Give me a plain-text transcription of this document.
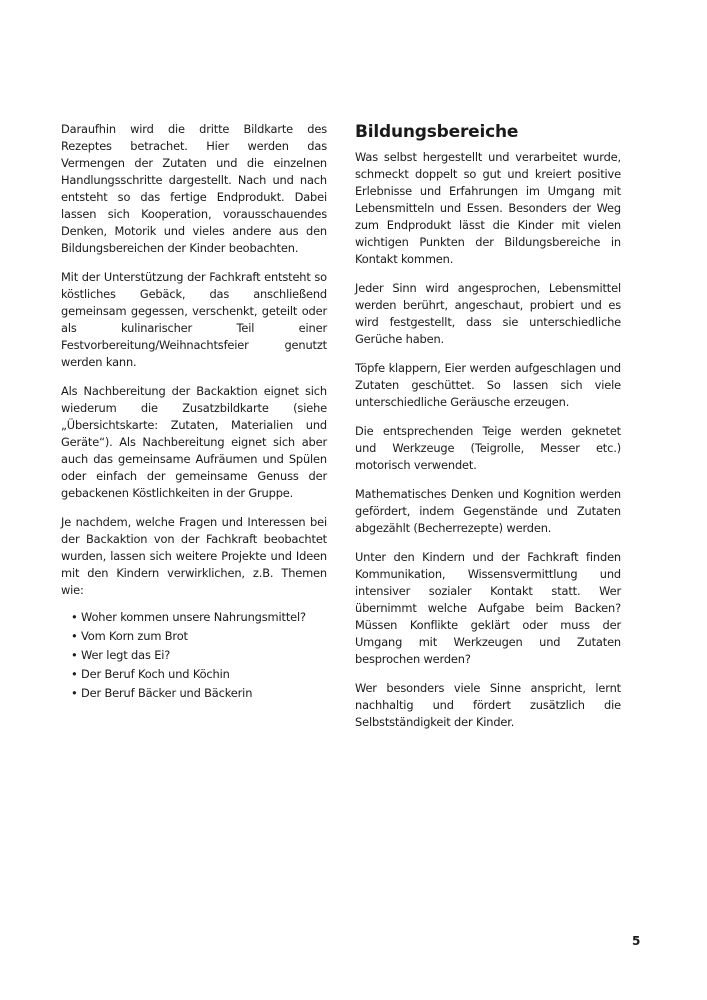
Daraufhin wird die dritte Bildkarte des Rezeptes betrachet. Hier werden das Vermengen der Zutaten und die einzelnen Handlungsschritte dargestellt. Nach und nach entsteht so das fertige Endprodukt. Dabei lassen sich Kooperation, vorausschauendes Denken, Motorik und vieles andere aus den Bildungsbereichen der Kinder beobachten.

Mit der Unterstützung der Fachkraft entsteht so köstliches Gebäck, das anschließend gemeinsam gegessen, verschenkt, geteilt oder als kulinarischer Teil einer Festvorbereitung/Weihnachtsfeier genutzt werden kann.

Als Nachbereitung der Backaktion eignet sich wiederum die Zusatzbildkarte (siehe „Übersichtskarte: Zutaten, Materialien und Geräte“). Als Nachbereitung eignet sich aber auch das gemeinsame Aufräumen und Spülen oder einfach der gemeinsame Genuss der gebackenen Köstlichkeiten in der Gruppe.

Je nachdem, welche Fragen und Interessen bei der Backaktion von der Fachkraft beobachtet wurden, lassen sich weitere Projekte und Ideen mit den Kindern verwirklichen, z.B. Themen wie:

• Woher kommen unsere Nahrungsmittel?
• Vom Korn zum Brot
• Wer legt das Ei?
• Der Beruf Koch und Köchin
• Der Beruf Bäcker und Bäckerin
Bildungsbereiche

Was selbst hergestellt und verarbeitet wurde, schmeckt doppelt so gut und kreiert positive Erlebnisse und Erfahrungen im Umgang mit Lebensmitteln und Essen. Besonders der Weg zum Endprodukt lässt die Kinder mit vielen wichtigen Punkten der Bildungsbereiche in Kontakt kommen.

Jeder Sinn wird angesprochen, Lebensmittel werden berührt, angeschaut, probiert und es wird festgestellt, dass sie unterschiedliche Gerüche haben.

Töpfe klappern, Eier werden aufgeschlagen und Zutaten geschüttet. So lassen sich viele unterschiedliche Geräusche erzeugen.

Die entsprechenden Teige werden geknetet und Werkzeuge (Teigrolle, Messer etc.) motorisch verwendet.

Mathematisches Denken und Kognition werden gefördert, indem Gegenstände und Zutaten abgezählt (Becherrezepte) werden.

Unter den Kindern und der Fachkraft finden Kommunikation, Wissensvermittlung und intensiver sozialer Kontakt statt. Wer übernimmt welche Aufgabe beim Backen? Müssen Konflikte geklärt oder muss der Umgang mit Werkzeugen und Zutaten besprochen werden?

Wer besonders viele Sinne anspricht, lernt nachhaltig und fördert zusätzlich die Selbstständigkeit der Kinder.

5
